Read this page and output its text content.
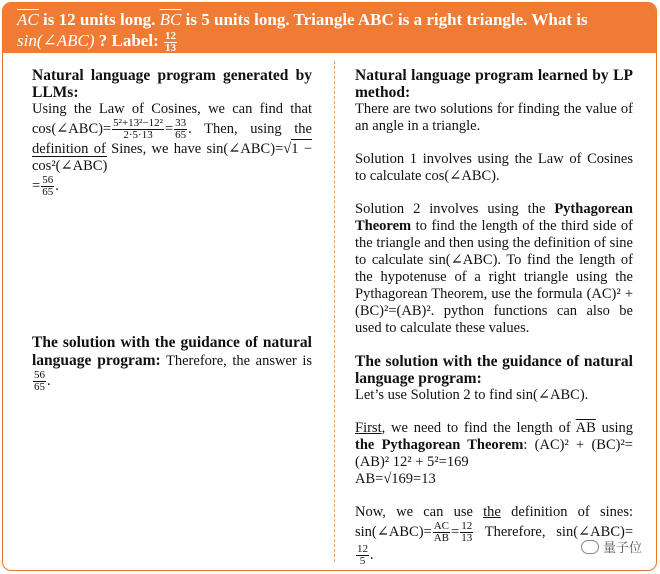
$\overline{AC}$ is 12 units long. $\overline{BC}$ is 5 units long. Triangle ABC is a right triangle. What is sin(∠ABC) ? Label: $\frac{12}{13}$

Natural language program generated by LLMs:

Using the Law of Cosines, we can find that cos(∠ABC)= $\frac{\text{5²+13²−12²}}{2\cdot 5\cdot 13} = \frac{33}{65}$ . Then, using the definition of Sines, we have sin(∠ABC)=√1 − cos²(∠ABC)
= $\frac{56}{65}$ .

The solution with the guidance of natural language program: Therefore, the answer is
$\frac{56}{65}$ .

Natural language program learned by LP method:

There are two solutions for finding the value of an angle in a triangle.

Solution 1 involves using the Law of Cosines to calculate cos(∠ABC).

Solution 2 involves using the Pythagorean Theorem to find the length of the third side of the triangle and then using the definition of sine to calculate sin(∠ABC). To find the length of the hypotenuse of a right triangle using the Pythagorean Theorem, use the formula (AC)² + (BC)²=(AB)². python functions can also be used to calculate these values.

The solution with the guidance of natural language program:

Let’s use Solution 2 to find sin(∠ABC).

First, we need to find the length of $\overline{AB}$ using the Pythagorean Theorem: (AC)² + (BC)²=(AB)² 12² + 5²=169
AB=√169=13

Now, we can use the definition of sines: sin(∠ABC)= $\frac{AC}{AB} = \frac{12}{13}$ Therefore, sin(∠ABC)=
$\frac{12}{5}$ .	量子位
